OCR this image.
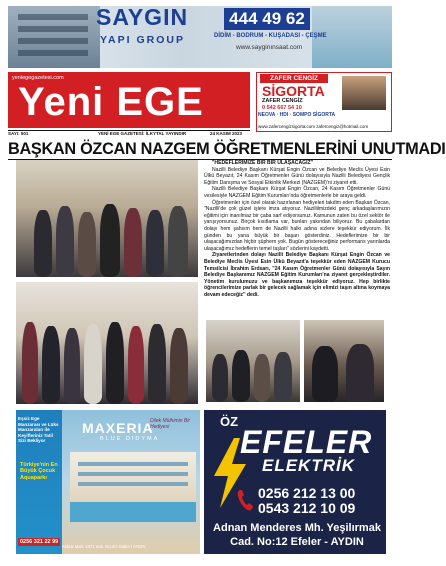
SAYGIN
YAPI GROUP
444 49 62
DİDİM - BODRUM - KUŞADASI - ÇEŞME
www.sayginınsaat.com
yeniegegazetesi.com
Yeni EGE
ZAFER CENGİZ
SİGORTA
ZAFER CENGİZ
0 542 667 54 10
NEOVA · HDI · SOMPO SİGORTA
www.zafercengizsigorta.com zafercengiz@hotmail.com
SAYI: 501	YENİ EGE GAZETESİ: İLKYTAL YAYINDIR	24 KASIM 2023
BAŞKAN ÖZCAN NAZGEM ÖĞRETMENLERİNİ UNUTMADI

"HEDEFLERİMİZE BİR BİR ULAŞACAĞIZ"

Nazilli Belediye Başkanı Kürşat Engin Özcan ve Belediye Meclis Üyesi Esin Ülkü Beyazıt, 24 Kasım Öğretmenler Günü dolayısıyla Nazilli Belediyesi Gençlik Eğitim Danışma ve Sosyal Etkinlik Merkezi (NAZGEM)'ni ziyaret etti.

Nazilli Belediye Başkanı Kürşat Engin Özcan, 24 Kasım Öğretmenler Günü vesilesiyle NAZGEM Eğitim Kurumları'nda öğretmenlerle bir araya geldi.

Öğretmenler için özel olarak hazırlanan hediyeleri takdim eden Başkan Özcan, "Nazilli'de çok güzel işlere imza atıyoruz. Nazillilmizdeki genç arkadaşlarımızın eğitimi için inanılmaz bir çaba sarf ediyorsunuz. Kamunun zaten bu özel sektör ile yarışıyorsunuz. Birçok kısıtlama var, bunları yakından biliyoruz. Bu çabalardan dolayı hem şahsım hem de Nazilli halkı adına sizlere teşekkür ediyorum. İlk günden bu yana büyük bir başarı gösterdiniz. Hedeflerimize bir bir ulaşacağımızdan hiçbir şüphem yok. Bugün göstereceğiniz performans yarınlarda ulaşacağımız hedeflerin temel taşları" sözlerini kaydetti.

Ziyaretlerinden dolayı Nazilli Belediye Başkanı Kürşat Engin Özcan ve Belediye Meclis Üyesi Esin Ülkü Beyazıt'a teşekkür eden NAZGEM Kurucu Temsilcisi İbrahim Erdsarı, "24 Kasım Öğretmenler Günü dolayısıyla Sayın Belediye Başkanımız NAZGEM Eğitim Kurumları'na ziyaret gerçekleştirdiler. Yönetim kurulumuzu ve başkanımıza teşekkür ediyoruz. Hep birlikte öğrencilerimize parlak bir gelecek sağlamak için elimizi taşın altına koymaya devam edeceğiz" dedi.

Eşsiz Ege Manzarası ve Lüks Manzaraları ile Keyifleriniz Tatil Sizi Bekliyor
MAXERIA
BLUE DIDYMA
Dilek Mülhimin Bir Hediyesi
Türkiye'nin En Büyük Çocuk Aquaparkı
0256 321 22 99
Akbük Mah. 1071 Sok. No:3/A Didim / AYDIN
ÖZ
EFELER
ELEKTRİK
0256 212 13 00
0543 212 10 09
Adnan Menderes Mh. Yeşilırmak
Cad. No:12 Efeler - AYDIN
